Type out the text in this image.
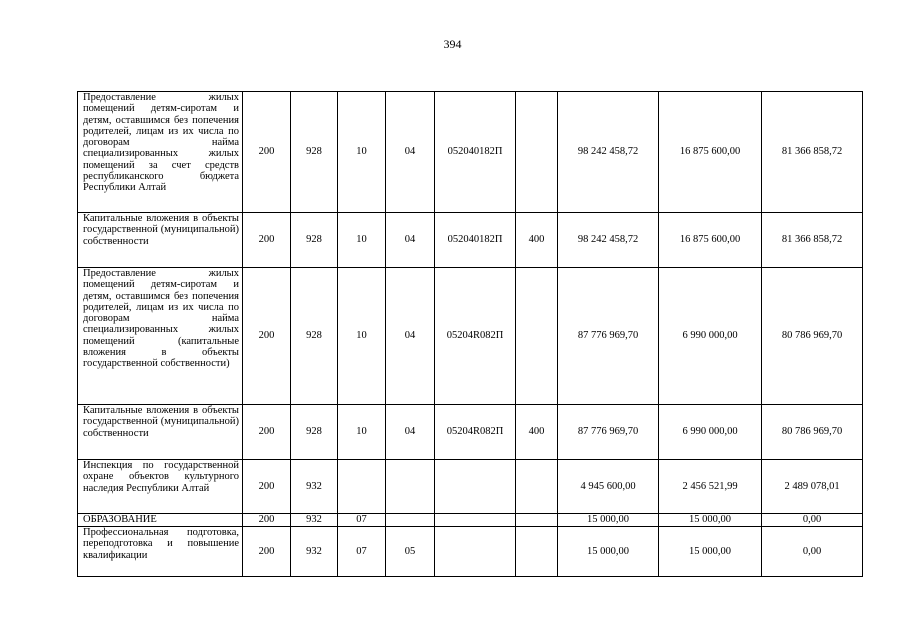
394
Предоставление жилых помещений детям-сиротам и детям, оставшимся без попечения родителей, лицам из их числа по договорам найма специализированных жилых помещений за счет средств республиканского бюджета Республики Алтай	200	928	10	04	052040182П		98 242 458,72	16 875 600,00	81 366 858,72
Капитальные вложения в объекты государственной (муниципальной) собственности	200	928	10	04	052040182П	400	98 242 458,72	16 875 600,00	81 366 858,72
Предоставление жилых помещений детям-сиротам и детям, оставшимся без попечения родителей, лицам из их числа по договорам найма специализированных жилых помещений (капитальные вложения в объекты государственной собственности)	200	928	10	04	05204R082П		87 776 969,70	6 990 000,00	80 786 969,70
Капитальные вложения в объекты государственной (муниципальной) собственности	200	928	10	04	05204R082П	400	87 776 969,70	6 990 000,00	80 786 969,70
Инспекция по государственной охране объектов культурного наследия Республики Алтай	200	932					4 945 600,00	2 456 521,99	2 489 078,01
ОБРАЗОВАНИЕ	200	932	07				15 000,00	15 000,00	0,00
Профессиональная подготовка, переподготовка и повышение квалификации	200	932	07	05			15 000,00	15 000,00	0,00
